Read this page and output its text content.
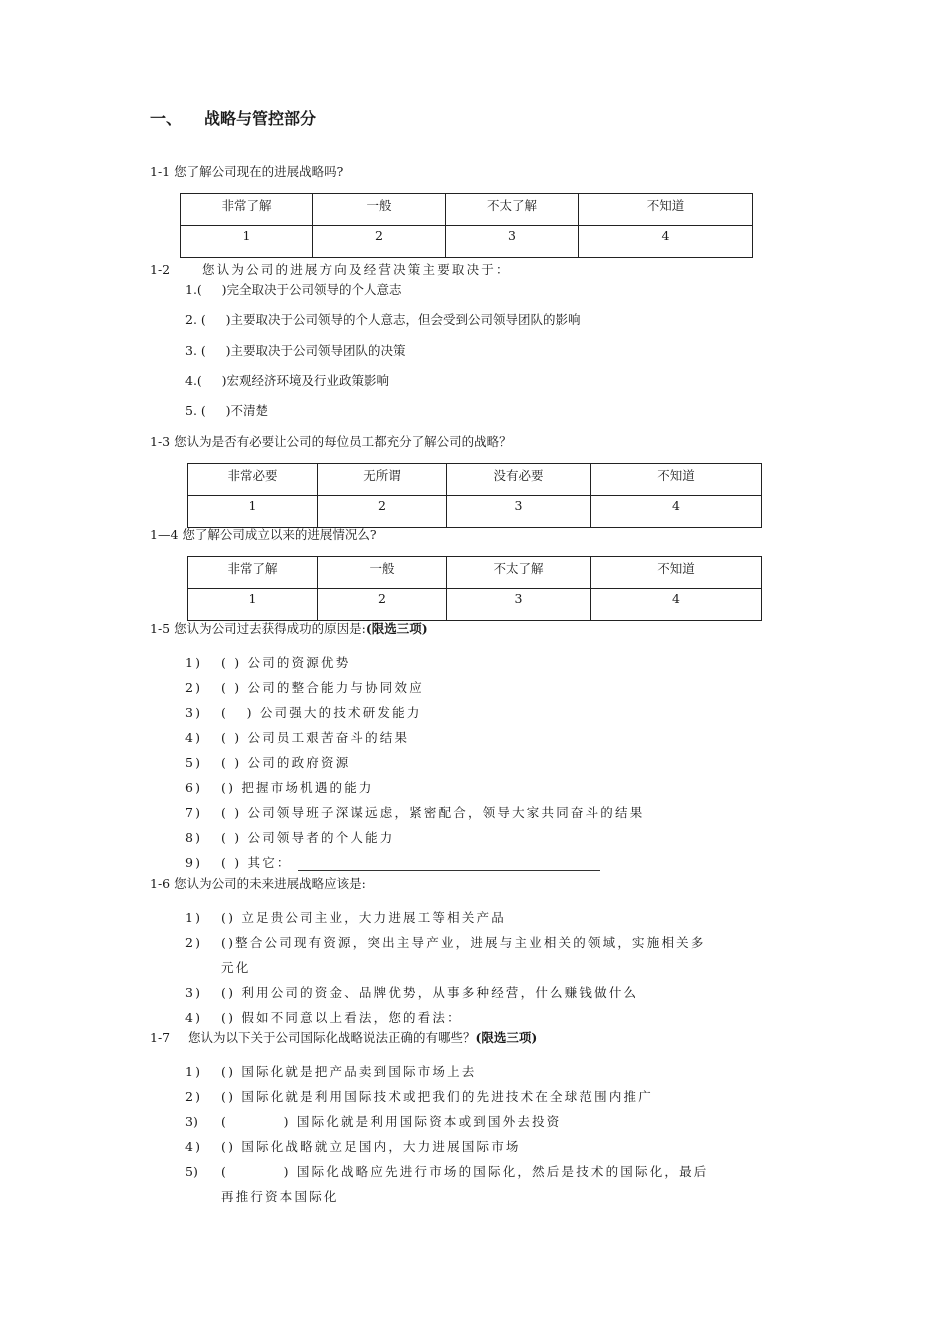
一、 战略与管控部分
1-1 您了解公司现在的进展战略吗?
非常了解	一般	不太了解	不知道
1	2	3	4
1-2	您认为公司的进展方向及经营决策主要取决于：
1.(     )完全取决于公司领导的个人意志
2. (     )主要取决于公司领导的个人意志，但会受到公司领导团队的影响
3. (     )主要取决于公司领导团队的决策
4.(     )宏观经济环境及行业政策影响
5. (     )不清楚
1-3 您认为是否有必要让公司的每位员工都充分了解公司的战略？
非常必要	无所谓	没有必要	不知道
1	2	3	4
1—4 您了解公司成立以来的进展情况么?
非常了解	一般	不太了解	不知道
1	2	3	4
1-5 您认为公司过去获得成功的原因是:(限选三项)
1) ( ) 公司的资源优势
2) ( ) 公司的整合能力与协同效应
3) (   ) 公司强大的技术研发能力
4) ( ) 公司员工艰苦奋斗的结果
5) ( ) 公司的政府资源
6) () 把握市场机遇的能力
7) ( ) 公司领导班子深谋远虑，紧密配合，领导大家共同奋斗的结果
8) ( ) 公司领导者的个人能力
9) ( ) 其它：
1-6 您认为公司的未来进展战略应该是:
1) () 立足贵公司主业，大力进展工等相关产品
2) ()整合公司现有资源，突出主导产业，进展与主业相关的领域，实施相关多
元化
3) () 利用公司的资金、品牌优势，从事多种经营，什么赚钱做什么
4) () 假如不同意以上看法，您的看法：
1-7 您认为以下关于公司国际化战略说法正确的有哪些？(限选三项)
1) () 国际化就是把产品卖到国际市场上去
2) () 国际化就是利用国际技术或把我们的先进技术在全球范围内推广
3) (         ) 国际化就是利用国际资本或到国外去投资
4) () 国际化战略就立足国内，大力进展国际市场
5) (         ) 国际化战略应先进行市场的国际化，然后是技术的国际化，最后
再推行资本国际化
